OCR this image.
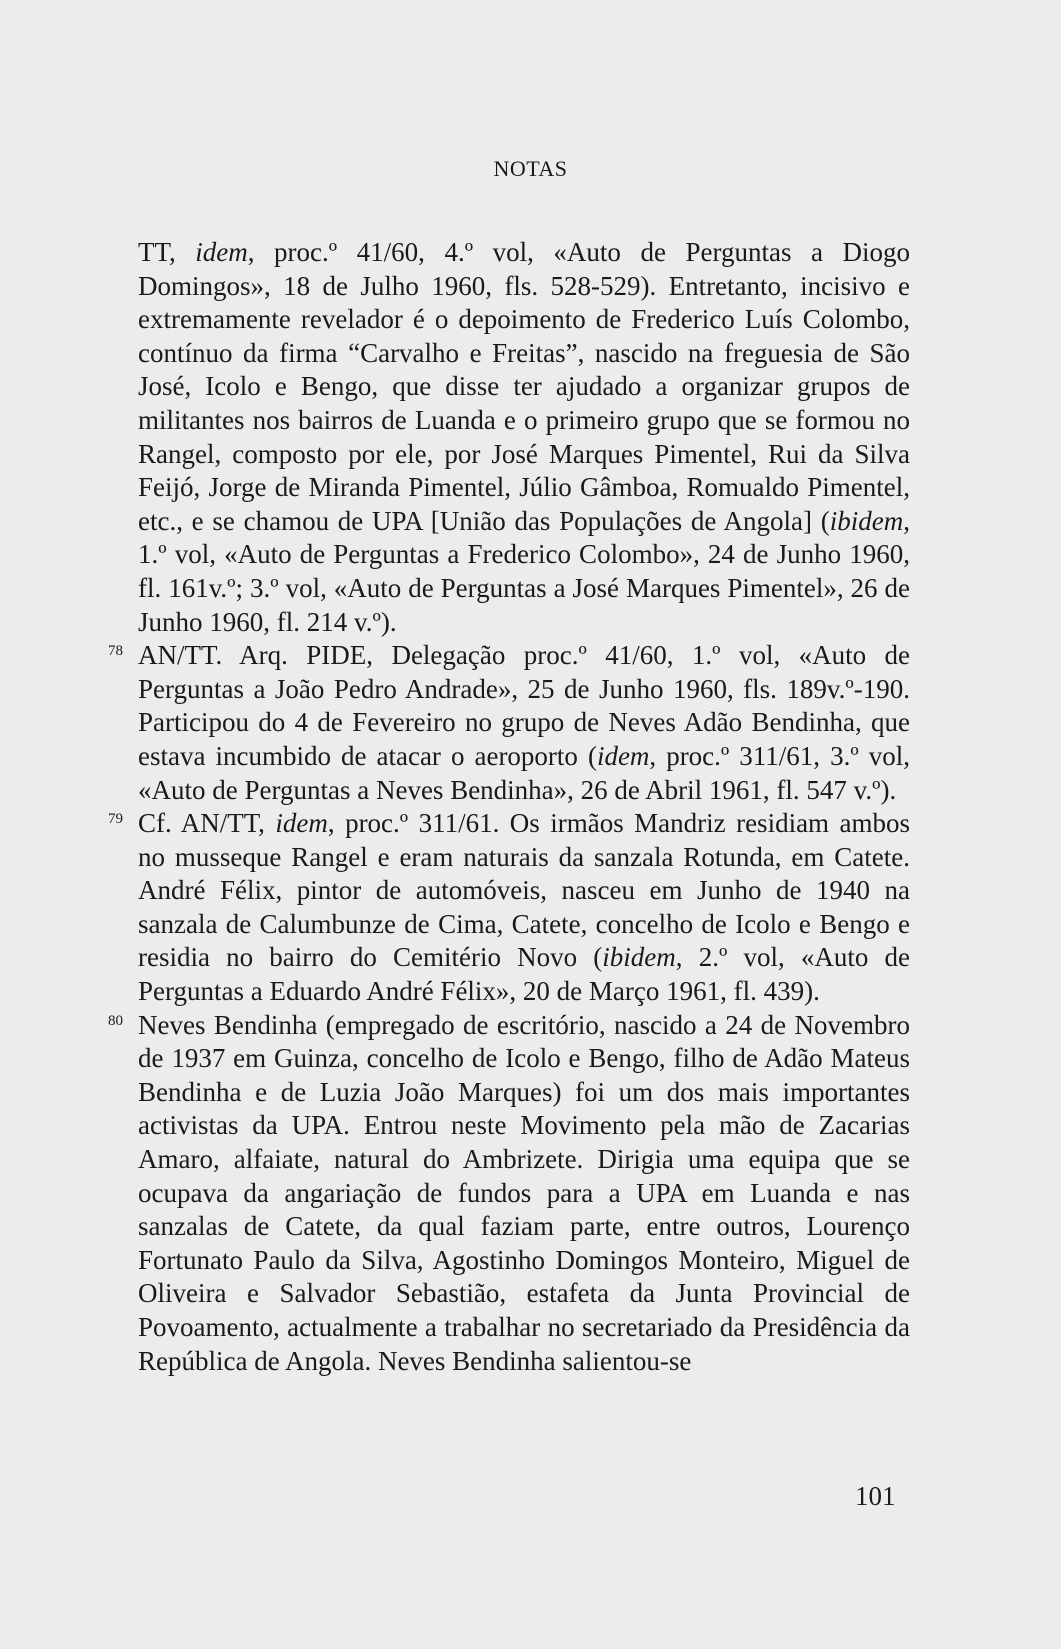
NOTAS

TT, idem, proc.º 41/60, 4.º vol, «Auto de Perguntas a Diogo Domingos», 18 de Julho 1960, fls. 528-529). Entretanto, incisivo e extremamente revelador é o depoimento de Frederico Luís Colombo, contínuo da firma “Carvalho e Freitas”, nascido na freguesia de São José, Icolo e Bengo, que disse ter ajudado a organizar grupos de militantes nos bairros de Luanda e o primeiro grupo que se formou no Rangel, composto por ele, por José Marques Pimentel, Rui da Silva Feijó, Jorge de Miranda Pimentel, Júlio Gâmboa, Romualdo Pimentel, etc., e se chamou de UPA [União das Populações de Angola] (ibidem, 1.º vol, «Auto de Perguntas a Frederico Colombo», 24 de Junho 1960, fl. 161v.º; 3.º vol, «Auto de Perguntas a José Marques Pimentel», 26 de Junho 1960, fl. 214 v.º).

78 AN/TT. Arq. PIDE, Delegação proc.º 41/60, 1.º vol, «Auto de Perguntas a João Pedro Andrade», 25 de Junho 1960, fls. 189v.º-190. Participou do 4 de Fevereiro no grupo de Neves Adão Bendinha, que estava incumbido de atacar o aeroporto (idem, proc.º 311/61, 3.º vol, «Auto de Perguntas a Neves Bendinha», 26 de Abril 1961, fl. 547 v.º).

79 Cf. AN/TT, idem, proc.º 311/61. Os irmãos Mandriz residiam ambos no musseque Rangel e eram naturais da sanzala Rotunda, em Catete. André Félix, pintor de automóveis, nasceu em Junho de 1940 na sanzala de Calumbunze de Cima, Catete, concelho de Icolo e Bengo e residia no bairro do Cemitério Novo (ibidem, 2.º vol, «Auto de Perguntas a Eduardo André Félix», 20 de Março 1961, fl. 439).

80 Neves Bendinha (empregado de escritório, nascido a 24 de Novembro de 1937 em Guinza, concelho de Icolo e Bengo, filho de Adão Mateus Bendinha e de Luzia João Marques) foi um dos mais importantes activistas da UPA. Entrou neste Movimento pela mão de Zacarias Amaro, alfaiate, natural do Ambrizete. Dirigia uma equipa que se ocupava da angariação de fundos para a UPA em Luanda e nas sanzalas de Catete, da qual faziam parte, entre outros, Lourenço Fortunato Paulo da Silva, Agostinho Domingos Monteiro, Miguel de Oliveira e Salvador Sebastião, estafeta da Junta Provincial de Povoamento, actualmente a trabalhar no secretariado da Presidência da República de Angola. Neves Bendinha salientou-se

101
